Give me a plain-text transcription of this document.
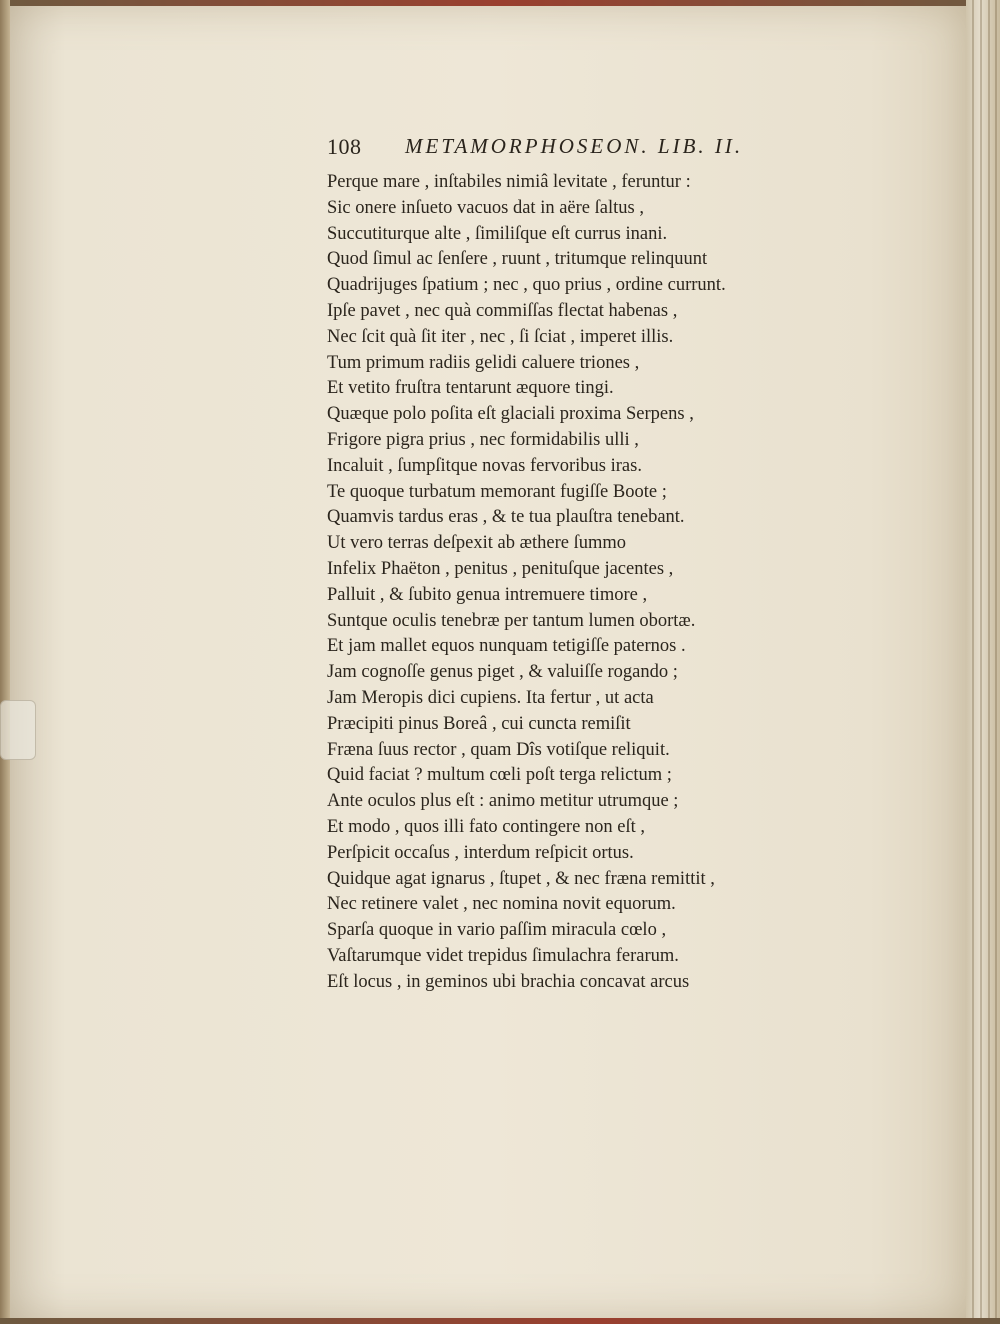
108 METAMORPHOSEON. LIB. II.
Perque mare , inſtabiles nimiâ levitate , feruntur :
Sic onere inſueto vacuos dat in aëre ſaltus ,
Succutiturque alte , ſimiliſque eſt currus inani.
Quod ſimul ac ſenſere , ruunt , tritumque relinquunt
Quadrijuges ſpatium ; nec , quo prius , ordine currunt.
Ipſe pavet , nec quà commiſſas flectat habenas ,
Nec ſcit quà ſit iter , nec , ſi ſciat , imperet illis.
Tum primum radiis gelidi caluere triones ,
Et vetito fruſtra tentarunt æquore tingi.
Quæque polo poſita eſt glaciali proxima Serpens ,
Frigore pigra prius , nec formidabilis ulli ,
Incaluit , ſumpſitque novas fervoribus iras.
Te quoque turbatum memorant fugiſſe Boote ;
Quamvis tardus eras , & te tua plauſtra tenebant.
Ut vero terras deſpexit ab æthere ſummo
Infelix Phaëton , penitus , penituſque jacentes ,
Palluit , & ſubito genua intremuere timore ,
Suntque oculis tenebræ per tantum lumen obortæ.
Et jam mallet equos nunquam tetigiſſe paternos .
Jam cognoſſe genus piget , & valuiſſe rogando ;
Jam Meropis dici cupiens. Ita fertur , ut acta
Præcipiti pinus Boreâ , cui cuncta remiſit
Fræna ſuus rector , quam Dîs votiſque reliquit.
Quid faciat ? multum cœli poſt terga relictum ;
Ante oculos plus eſt : animo metitur utrumque ;
Et modo , quos illi fato contingere non eſt ,
Perſpicit occaſus , interdum reſpicit ortus.
Quidque agat ignarus , ſtupet , & nec fræna remittit ,
Nec retinere valet , nec nomina novit equorum.
Sparſa quoque in vario paſſim miracula cœlo ,
Vaſtarumque videt trepidus ſimulachra ferarum.
Eſt locus , in geminos ubi brachia concavat arcus
